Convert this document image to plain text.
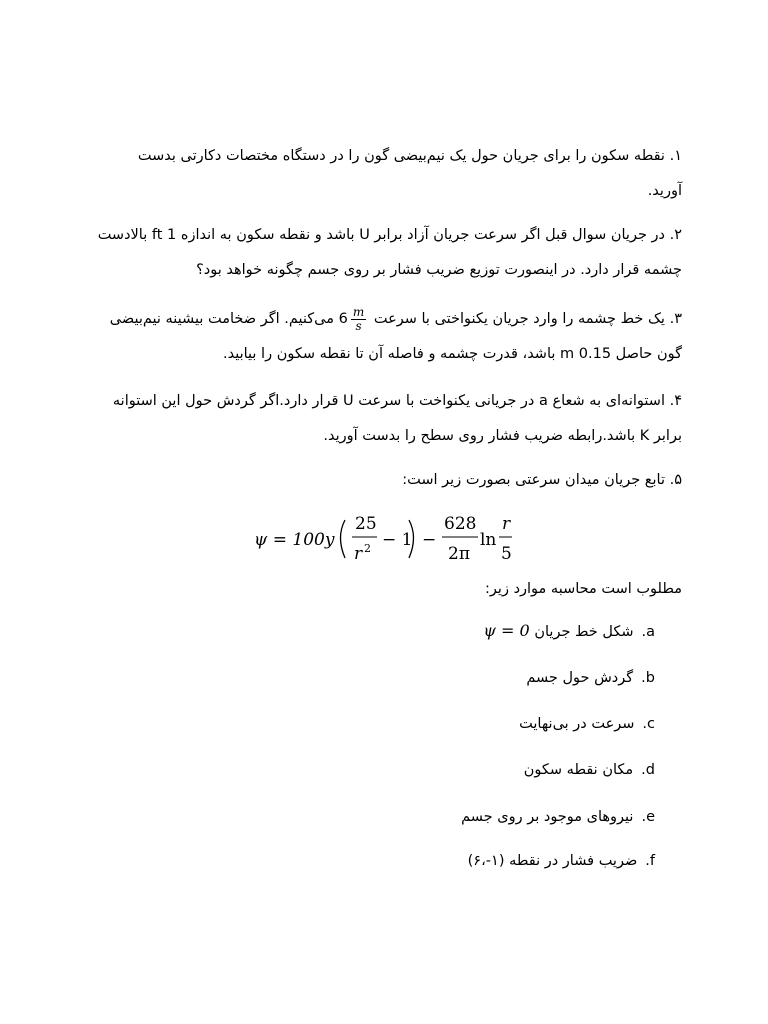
۱. نقطه سکون را برای جریان حول یک نیم‌بیضی گون را در دستگاه مختصات دکارتی بدست
آورید.

۲. در جریان سوال قبل اگر سرعت جریان آزاد برابر U باشد و نقطه سکون به اندازه 1 ft بالادست
چشمه قرار دارد. در اینصورت توزیع ضریب فشار بر روی جسم چگونه خواهد بود؟

۳. یک خط چشمه را وارد جریان یکنواختی با سرعت
$\frac{m}{s}$
6 می‌کنیم. اگر ضخامت بیشینه نیم‌بیضی
گون حاصل 0.15 m باشد، قدرت چشمه و فاصله آن تا نقطه سکون را بیابید.

۴. استوانه‌ای به شعاع a در جریانی یکنواخت با سرعت U قرار دارد.اگر گردش حول این استوانه
برابر K باشد.رابطه ضریب فشار روی سطح را بدست آورید.

۵. تابع جریان میدان سرعتی بصورت زیر است:

ψ = 100y
25
r 2 − 1 −
628
2π
ln
r
5

مطلوب است محاسبه موارد زیر:

a.شکل خط جریان ψ = 0
b.گردش حول جسم
c.سرعت در بی‌نهایت
d.مکان نقطه سکون
e.نیروهای موجود بر روی جسم
f.ضریب فشار در نقطه (۱-،۶)
